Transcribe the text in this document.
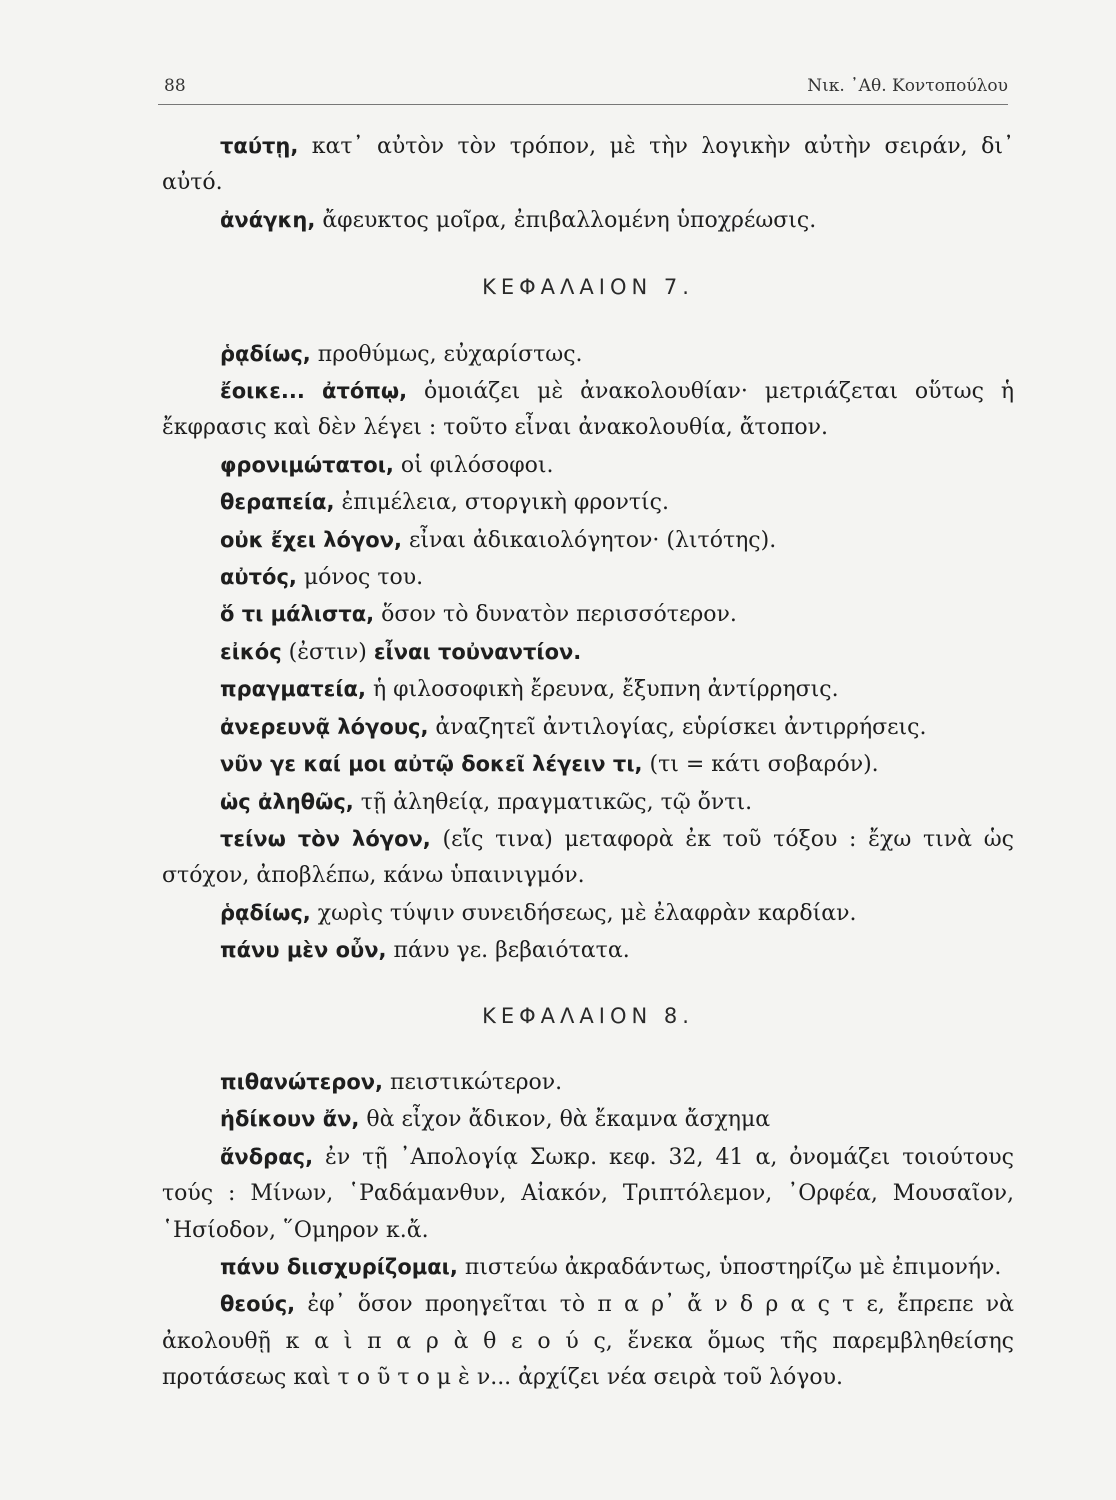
88	Νικ. ᾽Αθ. Κοντοπούλου

ταύτῃ, κατ᾽ αὐτὸν τὸν τρόπον, μὲ τὴν λογικὴν αὐτὴν σειράν, δι᾽ αὐτό.

ἀνάγκη, ἄφευκτος μοῖρα, ἐπιβαλλομένη ὑποχρέωσις.

ΚΕΦΑΛΑΙΟΝ 7.

ῥᾳδίως, προθύμως, εὐχαρίστως.

ἔοικε... ἀτόπῳ, ὁμοιάζει μὲ ἀνακολουθίαν· μετριάζεται οὕτως ἡ ἔκφρασις καὶ δὲν λέγει : τοῦτο εἶναι ἀνακολουθία, ἄτοπον.

φρονιμώτατοι, οἱ φιλόσοφοι.

θεραπεία, ἐπιμέλεια, στοργικὴ φροντίς.

οὐκ ἔχει λόγον, εἶναι ἀδικαιολόγητον· (λιτότης).

αὐτός, μόνος του.

ὅ τι μάλιστα, ὅσον τὸ δυνατὸν περισσότερον.

εἰκός (ἐστιν) εἶναι τοὐναντίον.

πραγματεία, ἡ φιλοσοφικὴ ἔρευνα, ἔξυπνη ἀντίρρησις.

ἀνερευνᾷ λόγους, ἀναζητεῖ ἀντιλογίας, εὑρίσκει ἀντιρρήσεις.

νῦν γε καί μοι αὐτῷ δοκεῖ λέγειν τι, (τι = κάτι σοβαρόν).

ὡς ἀληθῶς, τῇ ἀληθείᾳ, πραγματικῶς, τῷ ὄντι.

τείνω τὸν λόγον, (εἴς τινα) μεταφορὰ ἐκ τοῦ τόξου : ἔχω τινὰ ὡς στόχον, ἀποβλέπω, κάνω ὑπαινιγμόν.

ῥᾳδίως, χωρὶς τύψιν συνειδήσεως, μὲ ἐλαφρὰν καρδίαν.

πάνυ μὲν οὖν, πάνυ γε. βεβαιότατα.

ΚΕΦΑΛΑΙΟΝ 8.

πιθανώτερον, πειστικώτερον.

ἠδίκουν ἄν, θὰ εἶχον ἄδικον, θὰ ἔκαμνα ἄσχημα

ἄνδρας, ἐν τῇ ᾽Απολογίᾳ Σωκρ. κεφ. 32, 41 α, ὀνομάζει τοιούτους τούς : Μίνων, ῾Ραδάμανθυν, Αἰακόν, Τριπτόλεμον, ᾽Ορφέα, Μουσαῖον, ῾Ησίοδον, ῞Ομηρον κ.ἄ.

πάνυ διισχυρίζομαι, πιστεύω ἀκραδάντως, ὑποστηρίζω μὲ ἐπιμονήν.

θεούς, ἐφ᾽ ὅσον προηγεῖται τὸ π α ρ᾽ ἄ ν δ ρ α ς τ ε, ἔπρεπε νὰ ἀκολουθῇ κ α ὶ π α ρ ὰ θ ε ο ύ ς, ἕνεκα ὅμως τῆς παρεμβληθείσης προτάσεως καὶ τ ο ῦ τ ο μ ὲ ν... ἀρχίζει νέα σειρὰ τοῦ λόγου.
